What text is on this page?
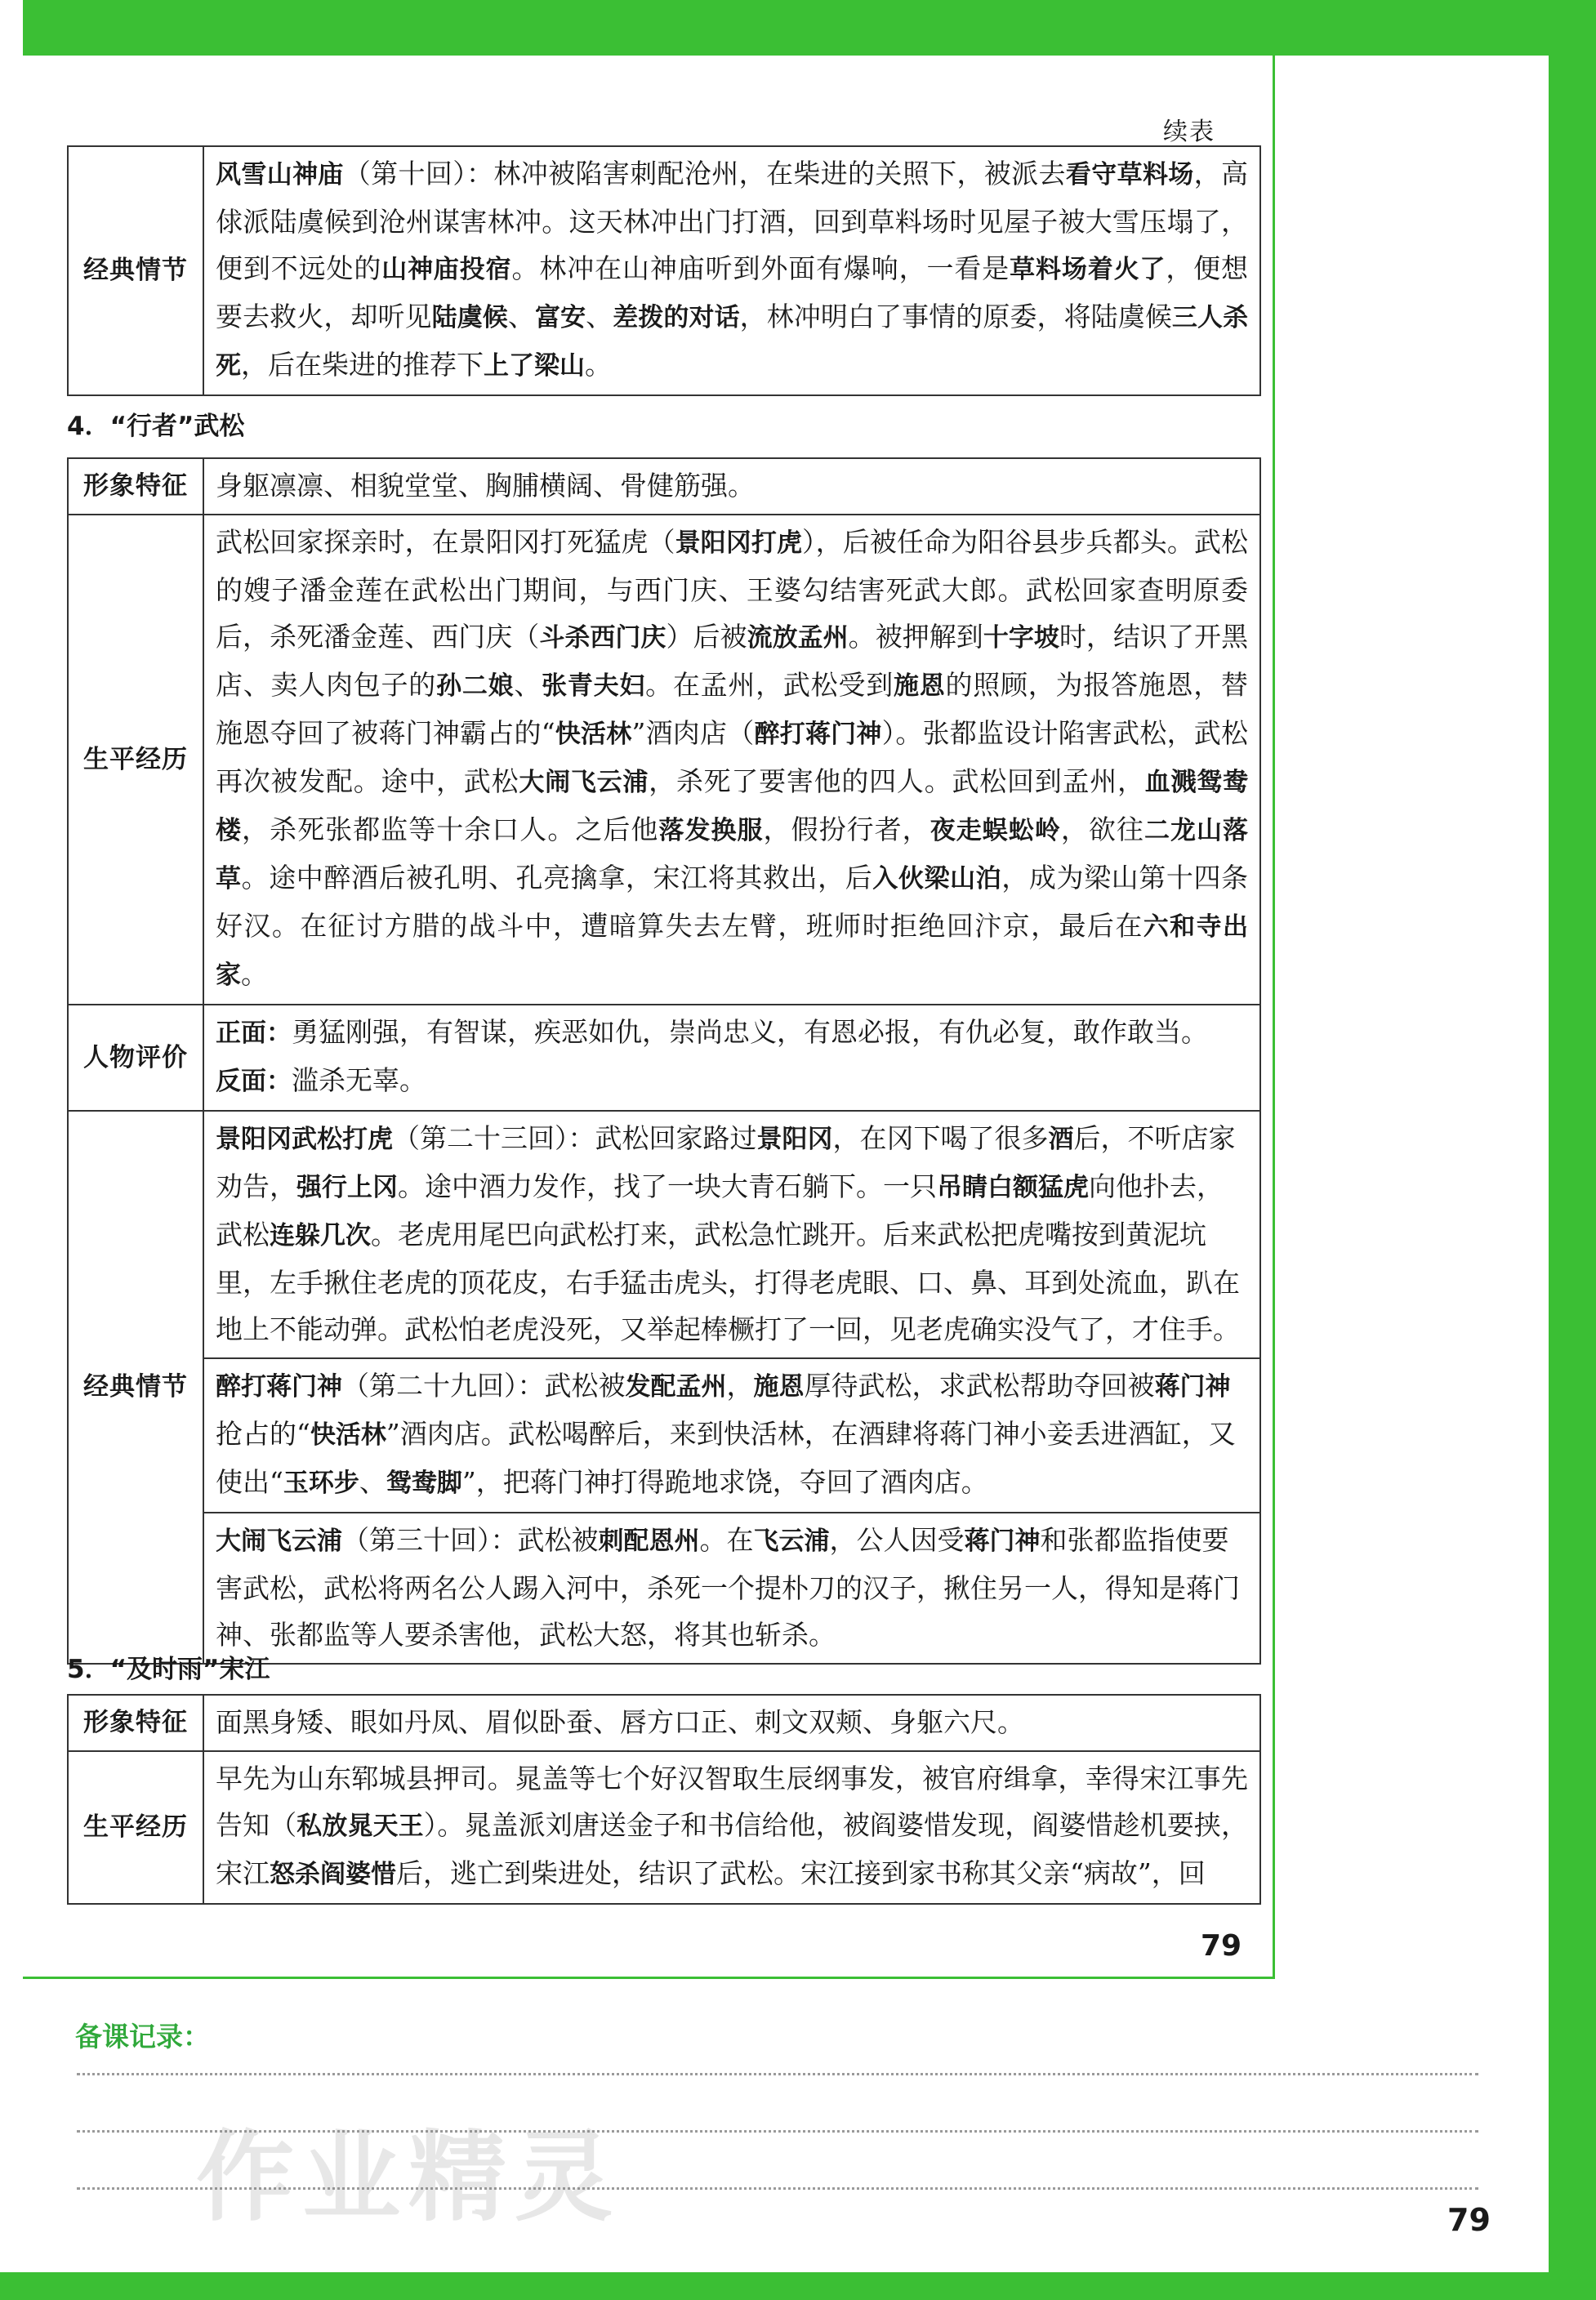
续表
经典情节	风雪山神庙（第十回）：林冲被陷害刺配沧州，在柴进的关照下，被派去看守草料场，高俅派陆虞候到沧州谋害林冲。这天林冲出门打酒，回到草料场时见屋子被大雪压塌了，便到不远处的山神庙投宿。林冲在山神庙听到外面有爆响，一看是草料场着火了，便想要去救火，却听见陆虞候、富安、差拨的对话，林冲明白了事情的原委，将陆虞候三人杀死，后在柴进的推荐下上了梁山。
4．“行者”武松
形象特征	身躯凛凛、相貌堂堂、胸脯横阔、骨健筋强。
生平经历	武松回家探亲时，在景阳冈打死猛虎（景阳冈打虎），后被任命为阳谷县步兵都头。武松的嫂子潘金莲在武松出门期间，与西门庆、王婆勾结害死武大郎。武松回家查明原委后，杀死潘金莲、西门庆（斗杀西门庆）后被流放孟州。被押解到十字坡时，结识了开黑店、卖人肉包子的孙二娘、张青夫妇。在孟州，武松受到施恩的照顾，为报答施恩，替施恩夺回了被蒋门神霸占的“快活林”酒肉店（醉打蒋门神）。张都监设计陷害武松，武松再次被发配。途中，武松大闹飞云浦，杀死了要害他的四人。武松回到孟州，血溅鸳鸯楼，杀死张都监等十余口人。之后他落发换服，假扮行者，夜走蜈蚣岭，欲往二龙山落草。途中醉酒后被孔明、孔亮擒拿，宋江将其救出，后入伙梁山泊，成为梁山第十四条好汉。在征讨方腊的战斗中，遭暗算失去左臂，班师时拒绝回汴京，最后在六和寺出家。
人物评价	正面：勇猛刚强，有智谋，疾恶如仇，崇尚忠义，有恩必报，有仇必复，敢作敢当。
反面：滥杀无辜。

经典情节	景阳冈武松打虎（第二十三回）：武松回家路过景阳冈，在冈下喝了很多酒后，不听店家劝告，强行上冈。途中酒力发作，找了一块大青石躺下。一只吊睛白额猛虎向他扑去，武松连躲几次。老虎用尾巴向武松打来，武松急忙跳开。后来武松把虎嘴按到黄泥坑里，左手揪住老虎的顶花皮，右手猛击虎头，打得老虎眼、口、鼻、耳到处流血，趴在地上不能动弹。武松怕老虎没死，又举起棒橛打了一回，见老虎确实没气了，才住手。
醉打蒋门神（第二十九回）：武松被发配孟州，施恩厚待武松，求武松帮助夺回被蒋门神抢占的“快活林”酒肉店。武松喝醉后，来到快活林，在酒肆将蒋门神小妾丢进酒缸，又使出“玉环步、鸳鸯脚”，把蒋门神打得跪地求饶，夺回了酒肉店。
大闹飞云浦（第三十回）：武松被刺配恩州。在飞云浦，公人因受蒋门神和张都监指使要害武松，武松将两名公人踢入河中，杀死一个提朴刀的汉子，揪住另一人，得知是蒋门神、张都监等人要杀害他，武松大怒，将其也斩杀。
5．“及时雨”宋江
形象特征	面黑身矮、眼如丹凤、眉似卧蚕、唇方口正、刺文双颊、身躯六尺。
生平经历	早先为山东郓城县押司。晁盖等七个好汉智取生辰纲事发，被官府缉拿，幸得宋江事先告知（私放晁天王）。晁盖派刘唐送金子和书信给他，被阎婆惜发现，阎婆惜趁机要挟，宋江怒杀阎婆惜后，逃亡到柴进处，结识了武松。宋江接到家书称其父亲“病故”，回
79
备课记录：
79
作业精灵
